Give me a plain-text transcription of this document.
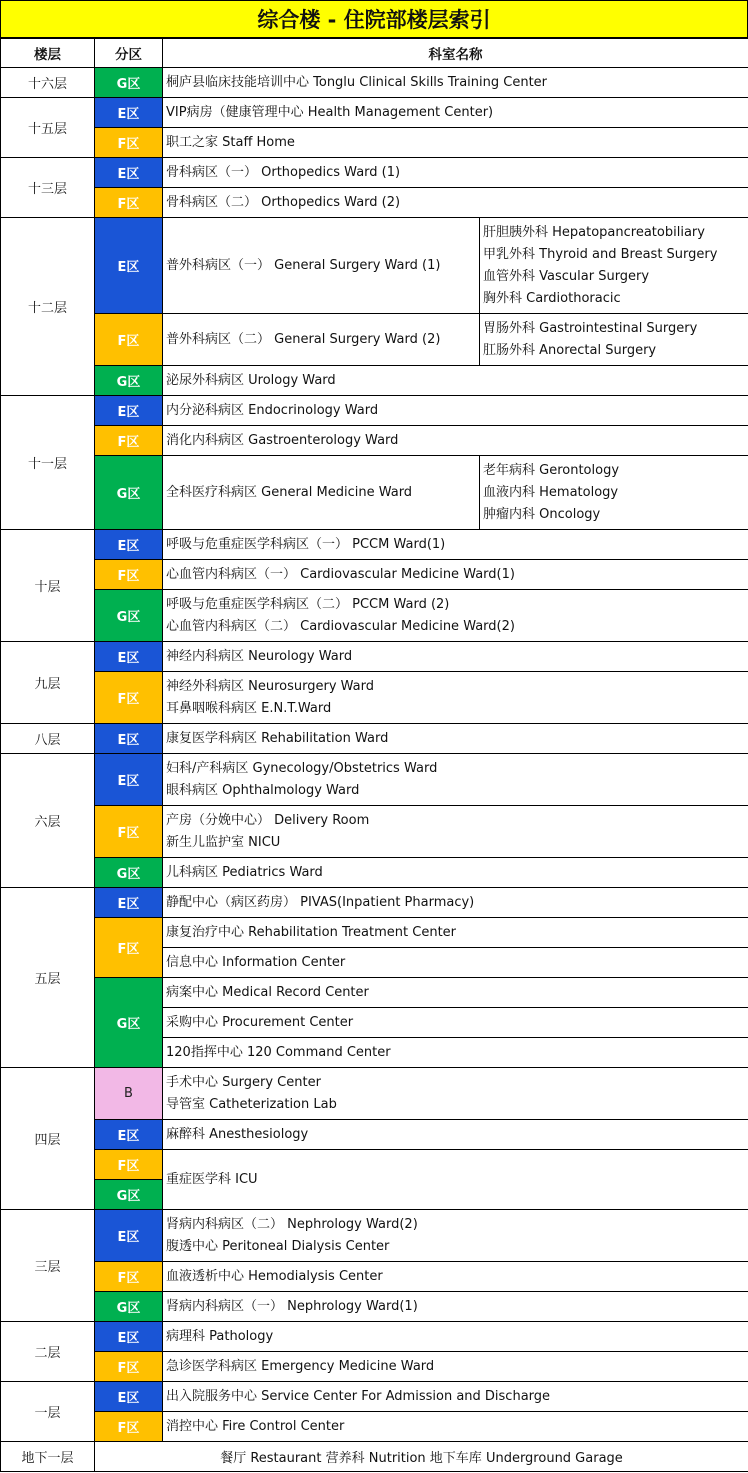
综合楼 - 住院部楼层索引
楼层	分区	科室名称	
十六层	G区	桐庐县临床技能培训中心 Tonglu Clinical Skills Training Center	

十五层	E区	VIP病房（健康管理中心 Health Management Center)	

	F区	职工之家 Staff Home	

十三层	E区	骨科病区（一） Orthopedics Ward (1)	

	F区	骨科病区（二） Orthopedics Ward (2)	

十二层	E区	普外科病区（一） General Surgery Ward (1)	肝胆胰外科 Hepatopancreatobiliary
甲乳外科 Thyroid and Breast Surgery
血管外科 Vascular Surgery
胸外科 Cardiothoracic

	F区	普外科病区（二） General Surgery Ward (2)	胃肠外科 Gastrointestinal Surgery
肛肠外科 Anorectal Surgery

	G区	泌尿外科病区 Urology Ward	

十一层	E区	内分泌科病区 Endocrinology Ward	

	F区	消化内科病区 Gastroenterology Ward	

	G区	全科医疗科病区 General Medicine Ward	老年病科 Gerontology
血液内科 Hematology
肿瘤内科 Oncology

十层	E区	呼吸与危重症医学科病区（一） PCCM Ward(1)	

	F区	心血管内科病区（一） Cardiovascular Medicine Ward(1)	

	G区	呼吸与危重症医学科病区（二） PCCM Ward (2)
心血管内科病区（二） Cardiovascular Medicine Ward(2)	

九层	E区	神经内科病区 Neurology Ward	

	F区	神经外科病区 Neurosurgery Ward
耳鼻咽喉科病区 E.N.T.Ward	

八层	E区	康复医学科病区 Rehabilitation Ward	

六层	E区	妇科/产科病区 Gynecology/Obstetrics Ward
眼科病区 Ophthalmology Ward	

	F区	产房（分娩中心） Delivery Room
新生儿监护室 NICU	

	G区	儿科病区 Pediatrics Ward	

五层	E区	静配中心（病区药房） PIVAS(Inpatient Pharmacy)	

	F区	康复治疗中心 Rehabilitation Treatment Center	

		信息中心 Information Center	

	G区	病案中心 Medical Record Center	

		采购中心 Procurement Center	

		120指挥中心 120 Command Center	

四层	B	手术中心 Surgery Center
导管室 Catheterization Lab	

	E区	麻醉科 Anesthesiology	

	F区	重症医学科 ICU	

	G区		
三层	E区	肾病内科病区（二） Nephrology Ward(2)
腹透中心 Peritoneal Dialysis Center	

	F区	血液透析中心 Hemodialysis Center	

	G区	肾病内科病区（一） Nephrology Ward(1)	

二层	E区	病理科 Pathology	

	F区	急诊医学科病区 Emergency Medicine Ward	

一层	E区	出入院服务中心 Service Center For Admission and Discharge	

	F区	消控中心 Fire Control Center	

地下一层	餐厅 Restaurant 营养科 Nutrition 地下车库 Underground Garage		
